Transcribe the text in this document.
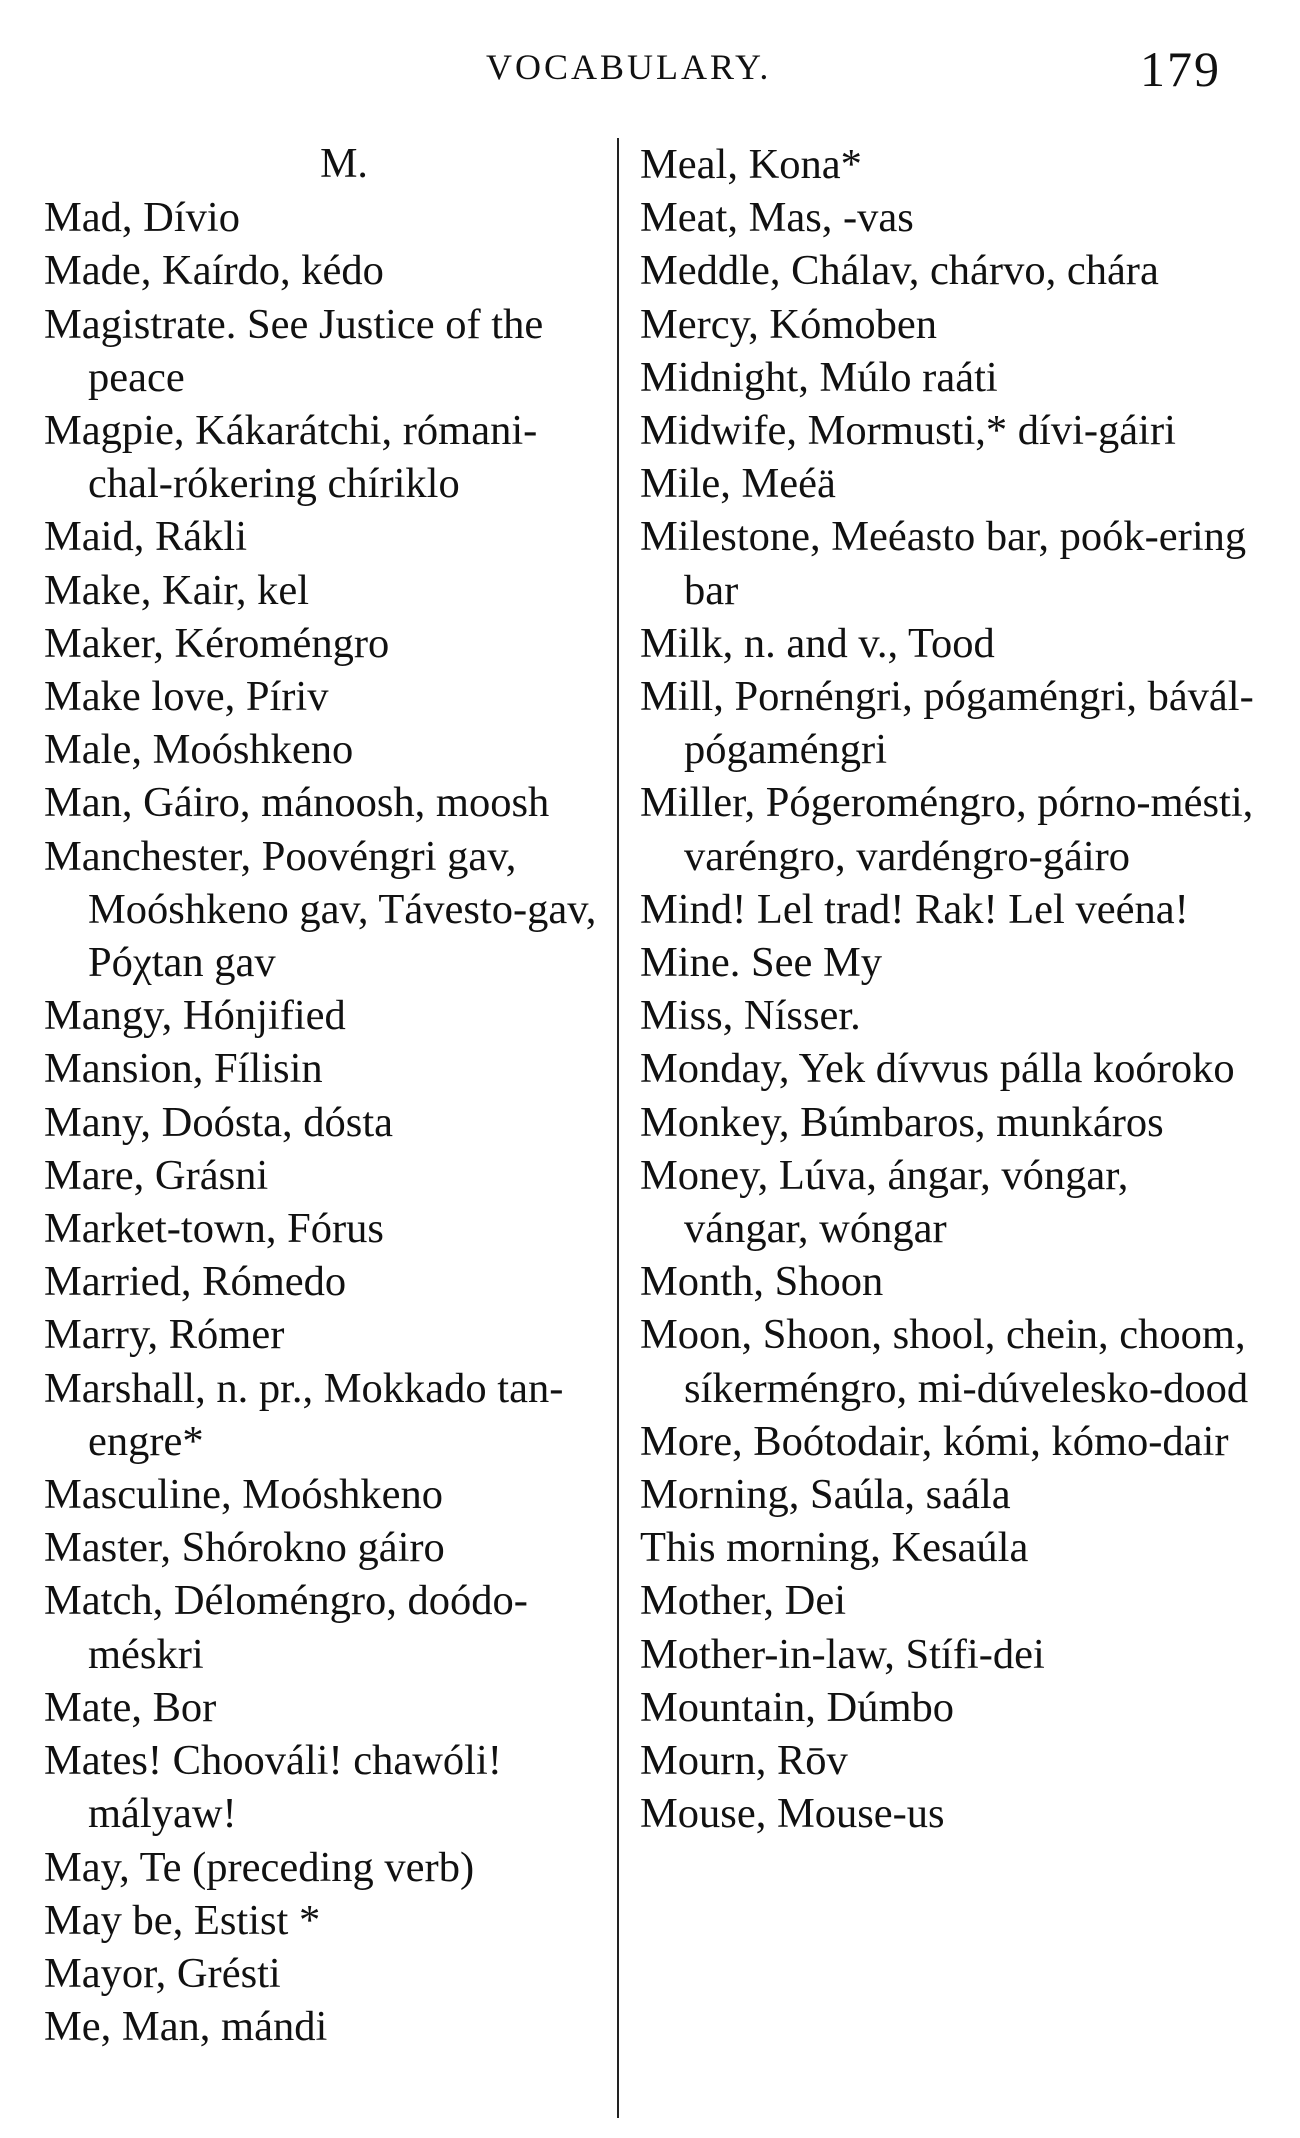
VOCABULARY.	179
M.
Mad, Dívio
Made, Kaírdo, kédo
Magistrate. See Justice of the peace
Magpie, Kákarátchi, rómani-chal-rókering chíriklo
Maid, Rákli
Make, Kair, kel
Maker, Kéroméngro
Make love, Píriv
Male, Moóshkeno
Man, Gáiro, mánoosh, moosh
Manchester, Poovéngri gav, Moóshkeno gav, Távesto-gav, Póχtan gav
Mangy, Hónjified
Mansion, Fílisin
Many, Doósta, dósta
Mare, Grásni
Market-town, Fórus
Married, Rómedo
Marry, Rómer
Marshall, n. pr., Mokkado tan-engre*
Masculine, Moóshkeno
Master, Shórokno gáiro
Match, Déloméngro, doódo-méskri
Mate, Bor
Mates! Choováli! chawóli! mályaw!
May, Te (preceding verb)
May be, Estist *
Mayor, Grésti
Me, Man, mándi
Meal, Kona*
Meat, Mas, -vas
Meddle, Chálav, chárvo, chára
Mercy, Kómoben
Midnight, Múlo raáti
Midwife, Mormusti,* dívi-gáiri
Mile, Meéä
Milestone, Meéasto bar, poók-ering bar
Milk, n. and v., Tood
Mill, Pornéngri, pógaméngri, bávál-pógaméngri
Miller, Pógeroméngro, pórno-mésti, varéngro, vardéngro-gáiro
Mind! Lel trad! Rak! Lel veéna!
Mine. See My
Miss, Nísser.
Monday, Yek dívvus pálla koóroko
Monkey, Búmbaros, munkáros
Money, Lúva, ángar, vóngar, vángar, wóngar
Month, Shoon
Moon, Shoon, shool, chein, choom, síkerméngro, mi-dúvelesko-dood
More, Boótodair, kómi, kómo-dair
Morning, Saúla, saála
This morning, Kesaúla
Mother, Dei
Mother-in-law, Stífi-dei
Mountain, Dúmbo
Mourn, Rōv
Mouse, Mouse-us
